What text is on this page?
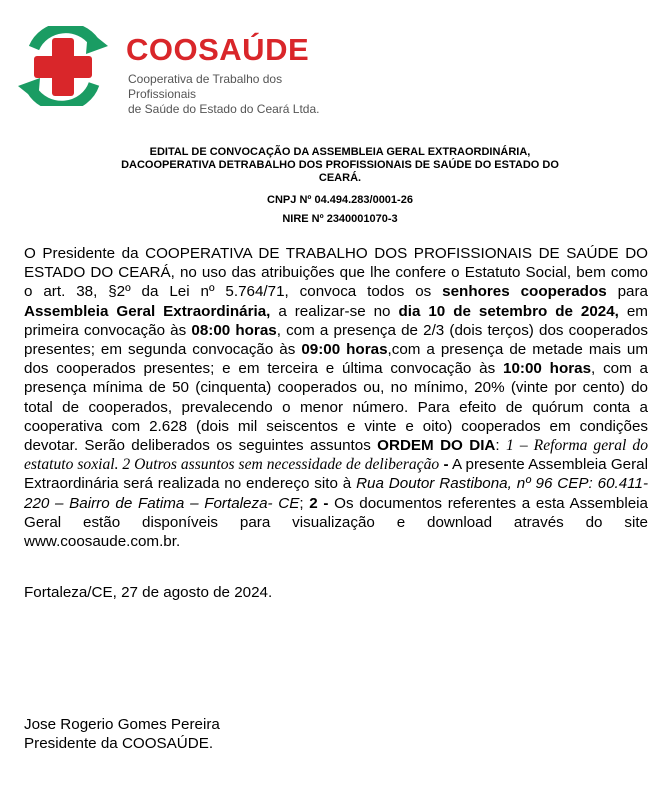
COOSAÚDE
Cooperativa de Trabalho dos Profissionais
de Saúde do Estado do Ceará Ltda.
EDITAL DE CONVOCAÇÃO DA ASSEMBLEIA GERAL EXTRAORDINÁRIA,
DACOOPERATIVA DETRABALHO DOS PROFISSIONAIS DE SAÚDE DO ESTADO DO
CEARÁ.
CNPJ Nº 04.494.283/0001-26
NIRE Nº 2340001070-3
O Presidente da COOPERATIVA DE TRABALHO DOS PROFISSIONAIS DE SAÚDE DO ESTADO DO CEARÁ, no uso das atribuições que lhe confere o Estatuto Social, bem como o art. 38, §2º da Lei nº 5.764/71, convoca todos os senhores cooperados para Assembleia Geral Extraordinária, a realizar-se no dia 10 de setembro de 2024, em primeira convocação às 08:00 horas, com a presença de 2/3 (dois terços) dos cooperados presentes; em segunda convocação às 09:00 horas,com a presença de metade mais um dos cooperados presentes; e em terceira e última convocação às 10:00 horas, com a presença mínima de 50 (cinquenta) cooperados ou, no mínimo, 20% (vinte por cento) do total de cooperados, prevalecendo o menor número. Para efeito de quórum conta a cooperativa com 2.628 (dois mil seiscentos e vinte e oito) cooperados em condições devotar. Serão deliberados os seguintes assuntos ORDEM DO DIA: 1 – Reforma geral do estatuto soxial. 2 Outros assuntos sem necessidade de deliberação - A presente Assembleia Geral Extraordinária será realizada no endereço sito à Rua Doutor Rastibona, nº 96 CEP: 60.411-220 – Bairro de Fatima – Fortaleza- CE; 2 - Os documentos referentes a esta Assembleia Geral estão disponíveis para visualização e download através do site www.coosaude.com.br.
Fortaleza/CE, 27 de agosto de 2024.
Jose Rogerio Gomes Pereira
Presidente da COOSAÚDE.
